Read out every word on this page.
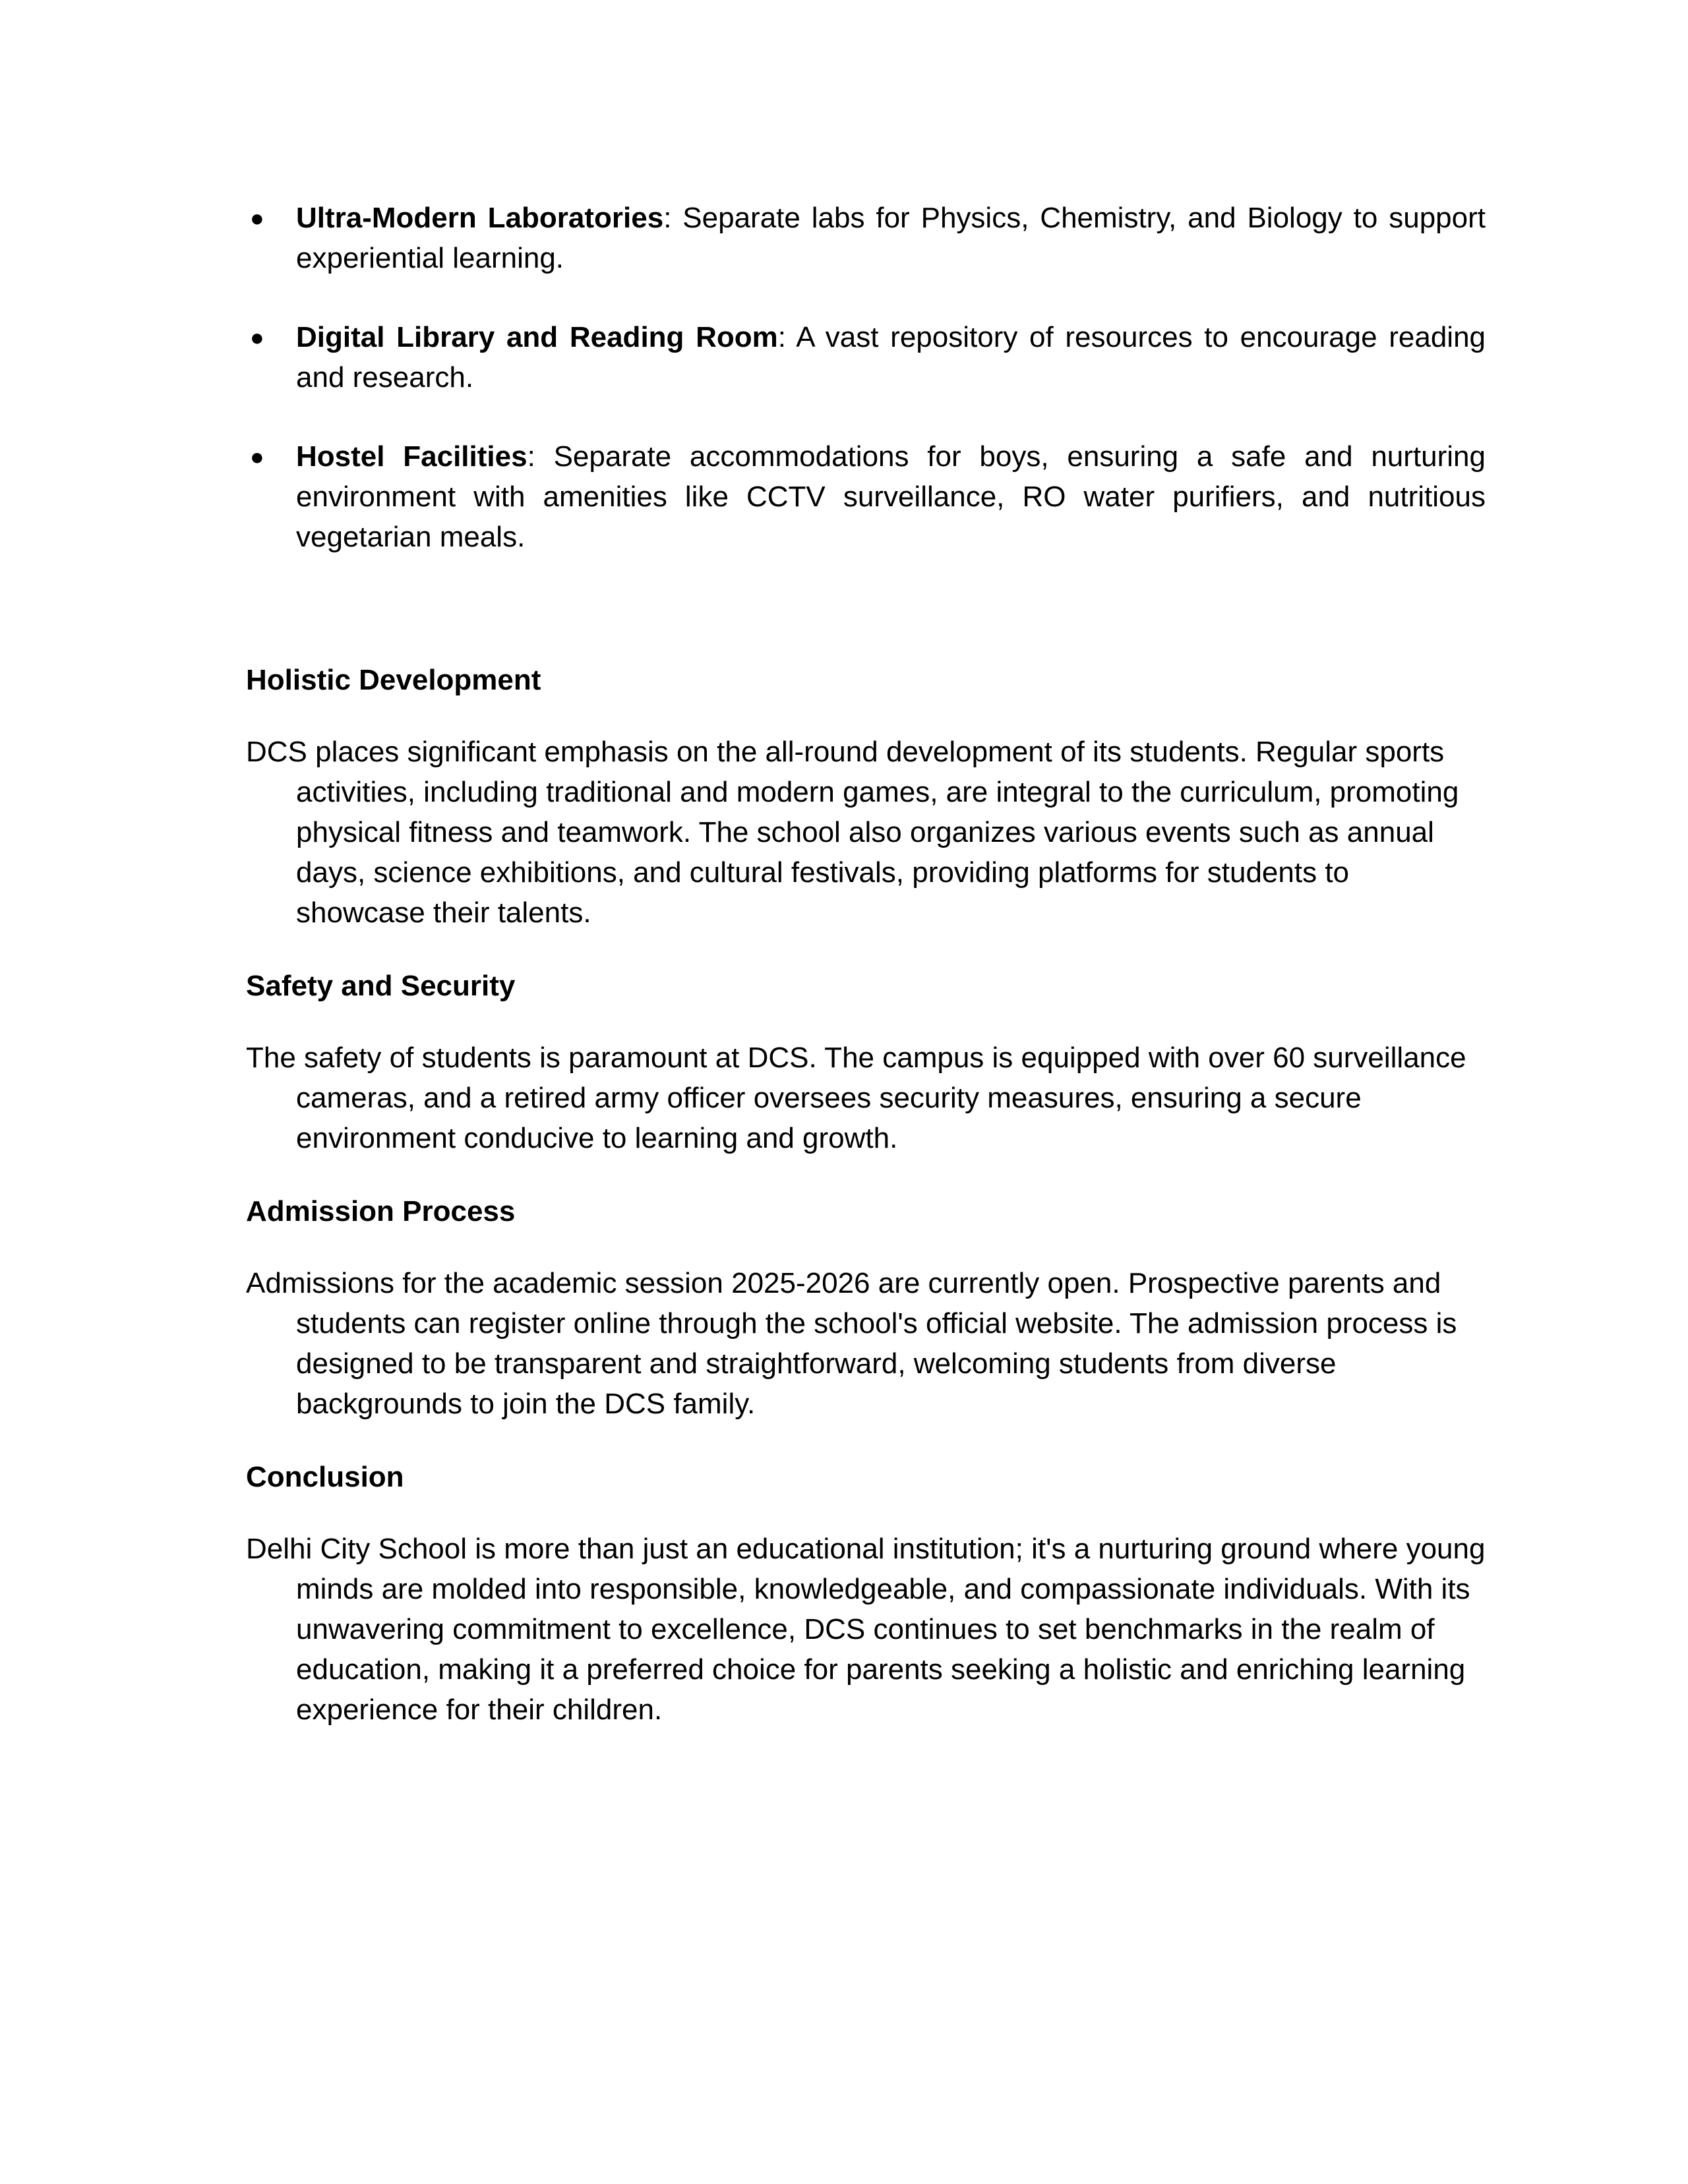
● Ultra-Modern Laboratories: Separate labs for Physics, Chemistry, and Biology to support experiential learning.
● Digital Library and Reading Room: A vast repository of resources to encourage reading and research.
● Hostel Facilities: Separate accommodations for boys, ensuring a safe and nurturing environment with amenities like CCTV surveillance, RO water purifiers, and nutritious vegetarian meals.
Holistic Development

DCS places significant emphasis on the all-round development of its students. Regular sports activities, including traditional and modern games, are integral to the curriculum, promoting physical fitness and teamwork. The school also organizes various events such as annual days, science exhibitions, and cultural festivals, providing platforms for students to showcase their talents.

Safety and Security

The safety of students is paramount at DCS. The campus is equipped with over 60 surveillance cameras, and a retired army officer oversees security measures, ensuring a secure environment conducive to learning and growth.

Admission Process

Admissions for the academic session 2025-2026 are currently open. Prospective parents and students can register online through the school's official website. The admission process is designed to be transparent and straightforward, welcoming students from diverse backgrounds to join the DCS family.

Conclusion

Delhi City School is more than just an educational institution; it's a nurturing ground where young minds are molded into responsible, knowledgeable, and compassionate individuals. With its unwavering commitment to excellence, DCS continues to set benchmarks in the realm of education, making it a preferred choice for parents seeking a holistic and enriching learning experience for their children.
